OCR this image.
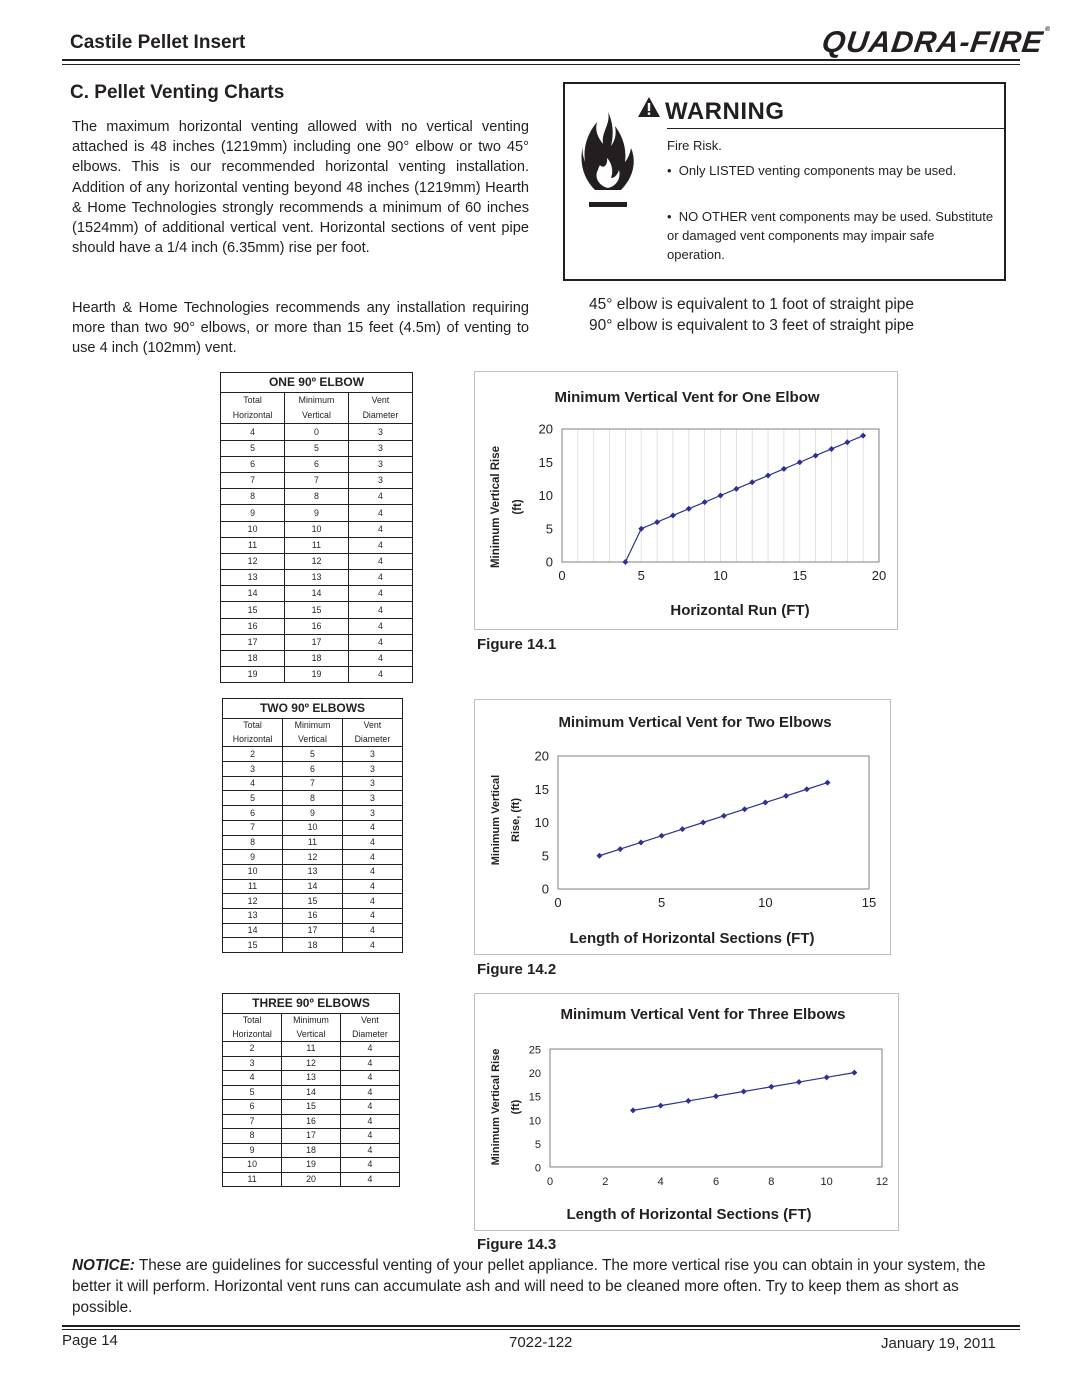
Castile Pellet Insert	QUADRA-FIRE®
C. Pellet Venting Charts
The maximum horizontal venting allowed with no vertical venting attached is 48 inches (1219mm) including one 90° elbow or two 45° elbows. This is our recommended horizontal venting installation. Addition of any horizontal venting beyond 48 inches (1219mm) Hearth & Home Technologies strongly recommends a minimum of 60 inches (1524mm) of additional vertical vent. Horizontal sections of vent pipe should have a 1/4 inch (6.35mm) rise per foot.
Hearth & Home Technologies recommends any installation requiring more than two 90° elbows, or more than 15 feet (4.5m) of venting to use 4 inch (102mm) vent.
WARNING
Fire Risk.
•  Only LISTED venting components may be used.
•  NO OTHER vent components may be used. Substitute or damaged vent components may impair safe operation.
45° elbow is equivalent to 1 foot of straight pipe
90° elbow is equivalent to 3 feet of straight pipe
ONE 90º ELBOW
Total	Minimum	Vent
Horizontal	Vertical	Diameter
4	0	3
5	5	3
6	6	3
7	7	3
8	8	4
9	9	4
10	10	4
11	11	4
12	12	4
13	13	4
14	14	4
15	15	4
16	16	4
17	17	4
18	18	4
19	19	4
TWO 90º ELBOWS
Total	Minimum	Vent
Horizontal	Vertical	Diameter
2	5	3
3	6	3
4	7	3
5	8	3
6	9	3
7	10	4
8	11	4
9	12	4
10	13	4
11	14	4
12	15	4
13	16	4
14	17	4
15	18	4
THREE 90º ELBOWS
Total	Minimum	Vent
Horizontal	Vertical	Diameter
2	11	4
3	12	4
4	13	4
5	14	4
6	15	4
7	16	4
8	17	4
9	18	4
10	19	4
11	20	4
Minimum Vertical Vent for One Elbow
0
5
10
15
20
0	5	10	15	20
Horizontal Run (FT)
Minimum Vertical Rise (ft)
Figure 14.1
Minimum Vertical Vent for Two Elbows
0
5
10
15
20
0	5	10	15
Length of Horizontal Sections (FT)
Minimum Vertical Rise, (ft)
Figure 14.2
Minimum Vertical Vent for Three Elbows
0
5
10
15
20
25
0	2	4	6	8	10	12
Length of Horizontal Sections (FT)
Minimum Vertical Rise (ft)
Figure 14.3
NOTICE: These are guidelines for successful venting of your pellet appliance. The more vertical rise you can obtain in your system, the better it will perform. Horizontal vent runs can accumulate ash and will need to be cleaned more often. Try to keep them as short as possible.
Page 14	7022-122	January 19, 2011
